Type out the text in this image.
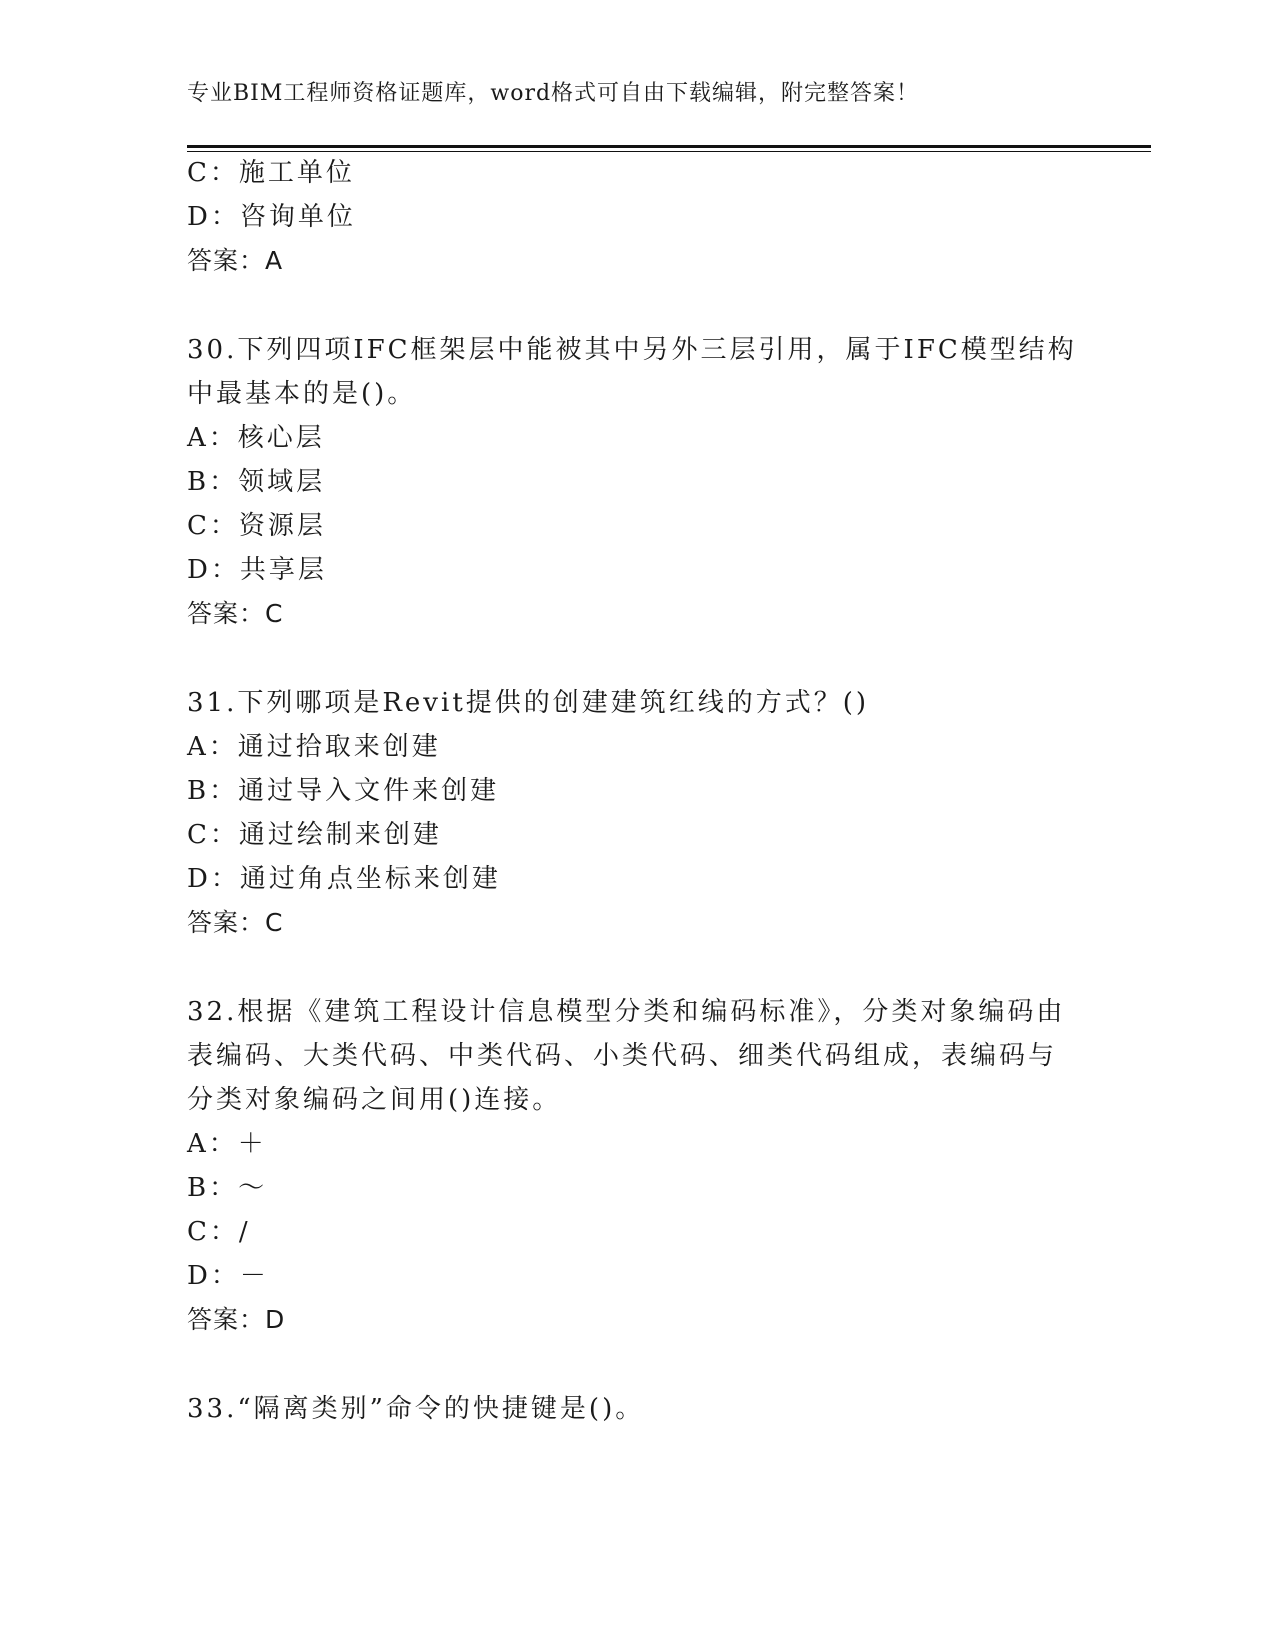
专业BIM工程师资格证题库，word格式可自由下载编辑，附完整答案！
C：施工单位
D：咨询单位
答案：A
30.下列四项IFC框架层中能被其中另外三层引用，属于IFC模型结构
中最基本的是()。
A：核心层
B：领域层
C：资源层
D：共享层
答案：C
31.下列哪项是Revit提供的创建建筑红线的方式？()
A：通过拾取来创建
B：通过导入文件来创建
C：通过绘制来创建
D：通过角点坐标来创建
答案：C
32.根据《建筑工程设计信息模型分类和编码标准》，分类对象编码由
表编码、大类代码、中类代码、小类代码、细类代码组成，表编码与
分类对象编码之间用()连接。
A：＋
B：～
C：/
D：－
答案：D
33.“隔离类别”命令的快捷键是()。
